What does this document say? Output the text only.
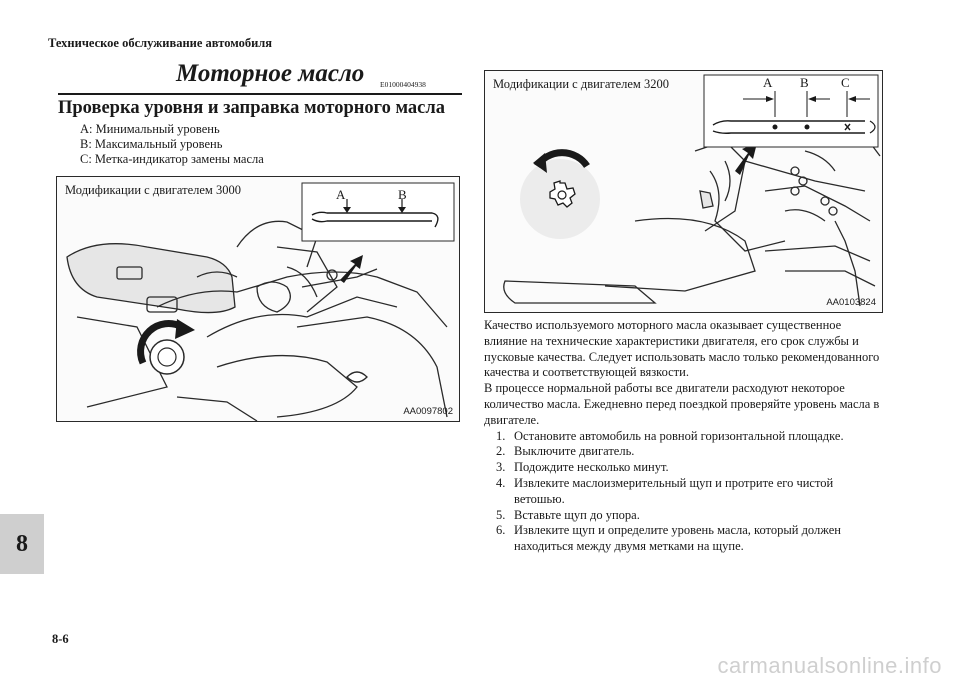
Техническое обслуживание автомобиля
Моторное масло E01000404938
Проверка уровня и заправка моторного масла
A: Минимальный уровень
B: Максимальный уровень
C: Метка-индикатор замены масла
Модификации с двигателем 3000	A	B
AA0097802
Модификации с двигателем 3200	A B C
AA0103824

Качество используемого моторного масла оказывает существенное влияние на технические характеристики двигателя, его срок службы и пусковые качества. Следует использовать масло только рекомендованного качества и соответствующей вязкости.

В процессе нормальной работы все двигатели расходуют некоторое количество масла. Ежедневно перед поездкой проверяйте уровень масла в двигателе.

1. Остановите автомобиль на ровной горизонтальной площадке.
2. Выключите двигатель.
3. Подождите несколько минут.
4. Извлеките маслоизмерительный щуп и протрите его чистой ветошью.
5. Вставьте щуп до упора.
6. Извлеките щуп и определите уровень масла, который должен находиться между двумя метками на щупе.
8
8-6
carmanualsonline.info
